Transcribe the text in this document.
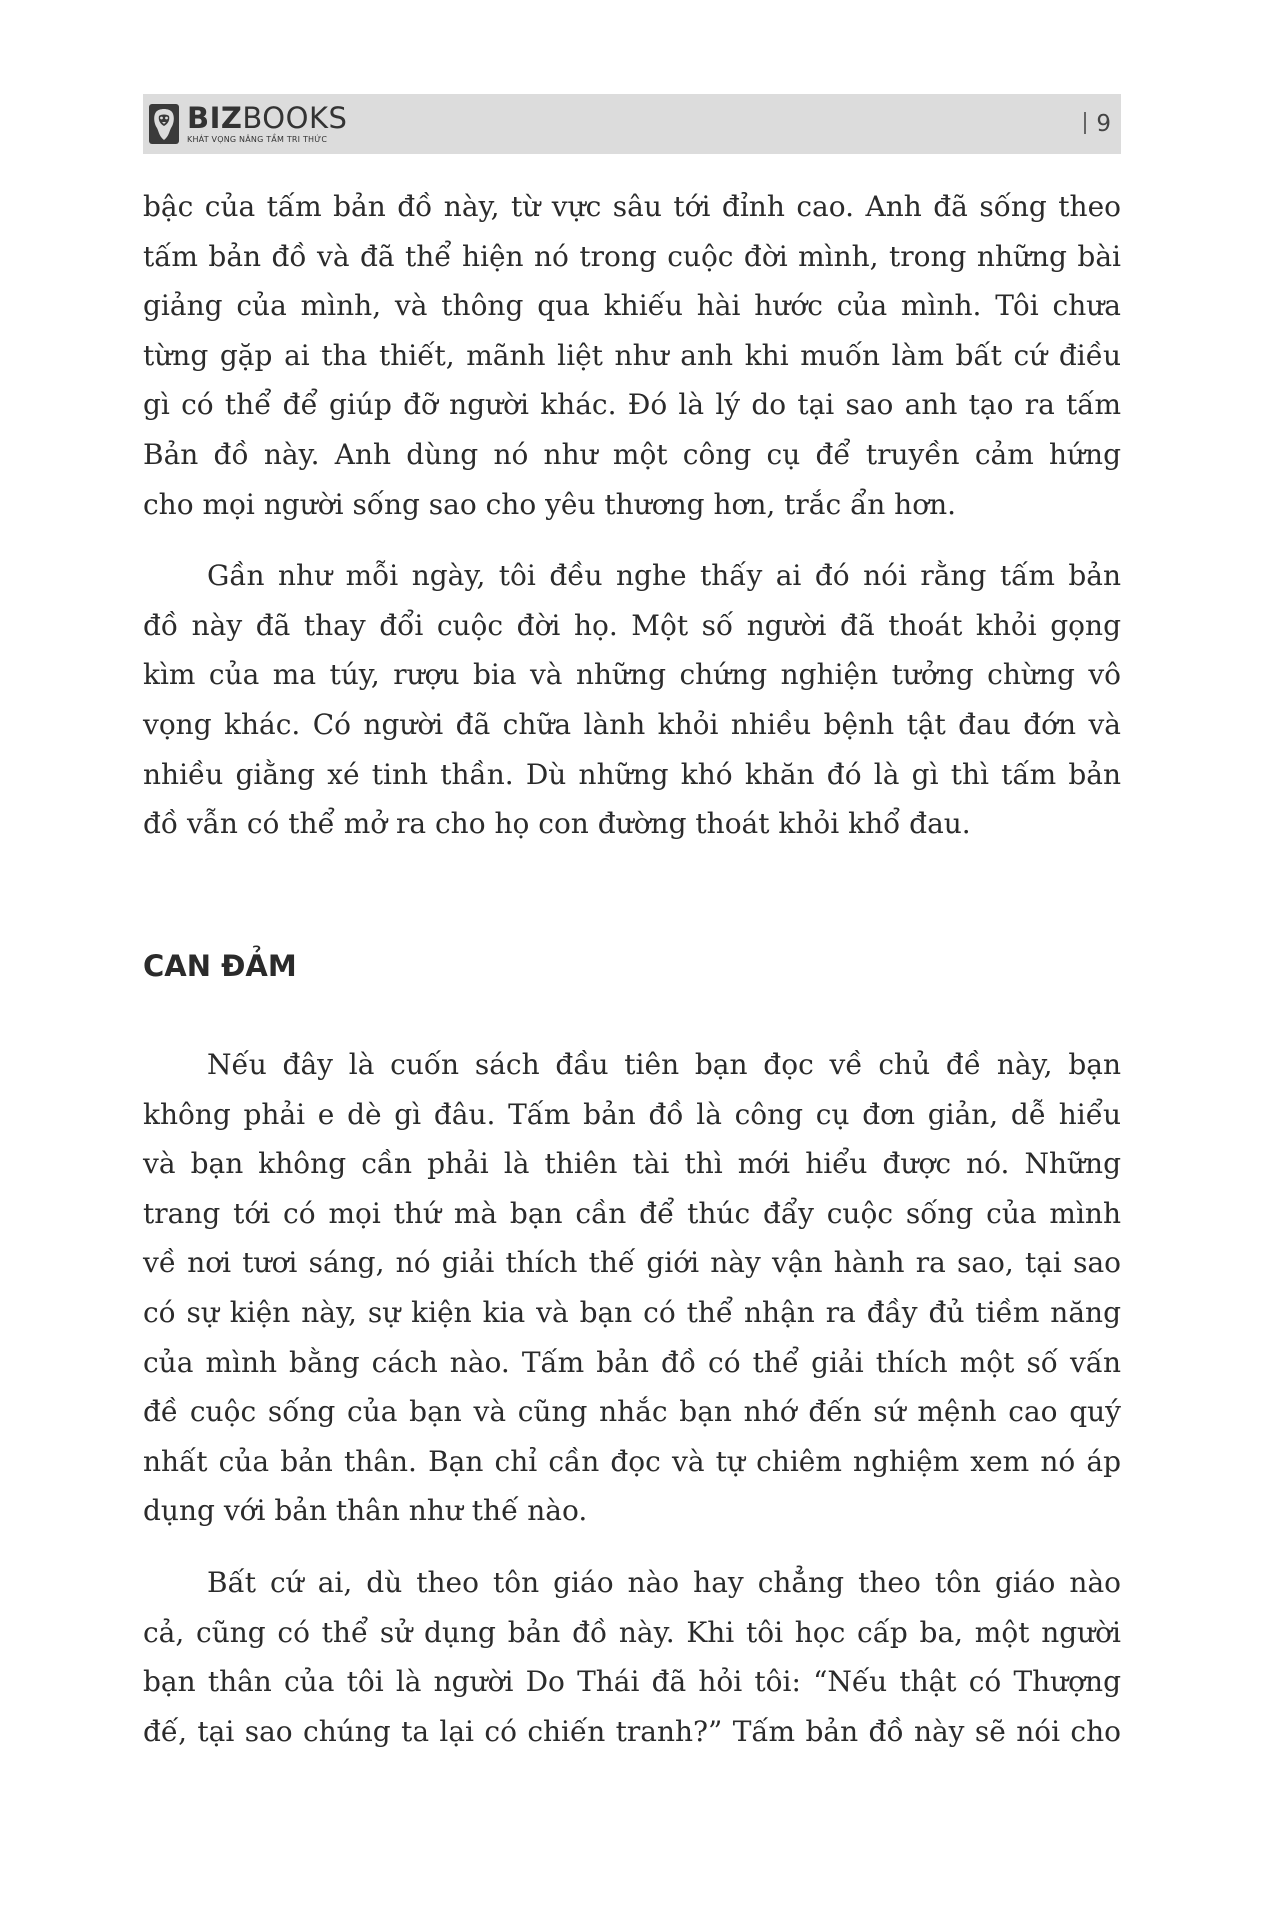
BIZBOOKS
KHÁT VỌNG NÂNG TẦM TRI THỨC
9

bậc của tấm bản đồ này, từ vực sâu tới đỉnh cao. Anh đã sống theo
tấm bản đồ và đã thể hiện nó trong cuộc đời mình, trong những bài
giảng của mình, và thông qua khiếu hài hước của mình. Tôi chưa
từng gặp ai tha thiết, mãnh liệt như anh khi muốn làm bất cứ điều
gì có thể để giúp đỡ người khác. Đó là lý do tại sao anh tạo ra tấm
Bản đồ này. Anh dùng nó như một công cụ để truyền cảm hứng
cho mọi người sống sao cho yêu thương hơn, trắc ẩn hơn.

Gần như mỗi ngày, tôi đều nghe thấy ai đó nói rằng tấm bản
đồ này đã thay đổi cuộc đời họ. Một số người đã thoát khỏi gọng
kìm của ma túy, rượu bia và những chứng nghiện tưởng chừng vô
vọng khác. Có người đã chữa lành khỏi nhiều bệnh tật đau đớn và
nhiều giằng xé tinh thần. Dù những khó khăn đó là gì thì tấm bản
đồ vẫn có thể mở ra cho họ con đường thoát khỏi khổ đau.

CAN ĐẢM

Nếu đây là cuốn sách đầu tiên bạn đọc về chủ đề này, bạn
không phải e dè gì đâu. Tấm bản đồ là công cụ đơn giản, dễ hiểu
và bạn không cần phải là thiên tài thì mới hiểu được nó. Những
trang tới có mọi thứ mà bạn cần để thúc đẩy cuộc sống của mình
về nơi tươi sáng, nó giải thích thế giới này vận hành ra sao, tại sao
có sự kiện này, sự kiện kia và bạn có thể nhận ra đầy đủ tiềm năng
của mình bằng cách nào. Tấm bản đồ có thể giải thích một số vấn
đề cuộc sống của bạn và cũng nhắc bạn nhớ đến sứ mệnh cao quý
nhất của bản thân. Bạn chỉ cần đọc và tự chiêm nghiệm xem nó áp
dụng với bản thân như thế nào.

Bất cứ ai, dù theo tôn giáo nào hay chẳng theo tôn giáo nào
cả, cũng có thể sử dụng bản đồ này. Khi tôi học cấp ba, một người
bạn thân của tôi là người Do Thái đã hỏi tôi: “Nếu thật có Thượng
đế, tại sao chúng ta lại có chiến tranh?” Tấm bản đồ này sẽ nói cho
